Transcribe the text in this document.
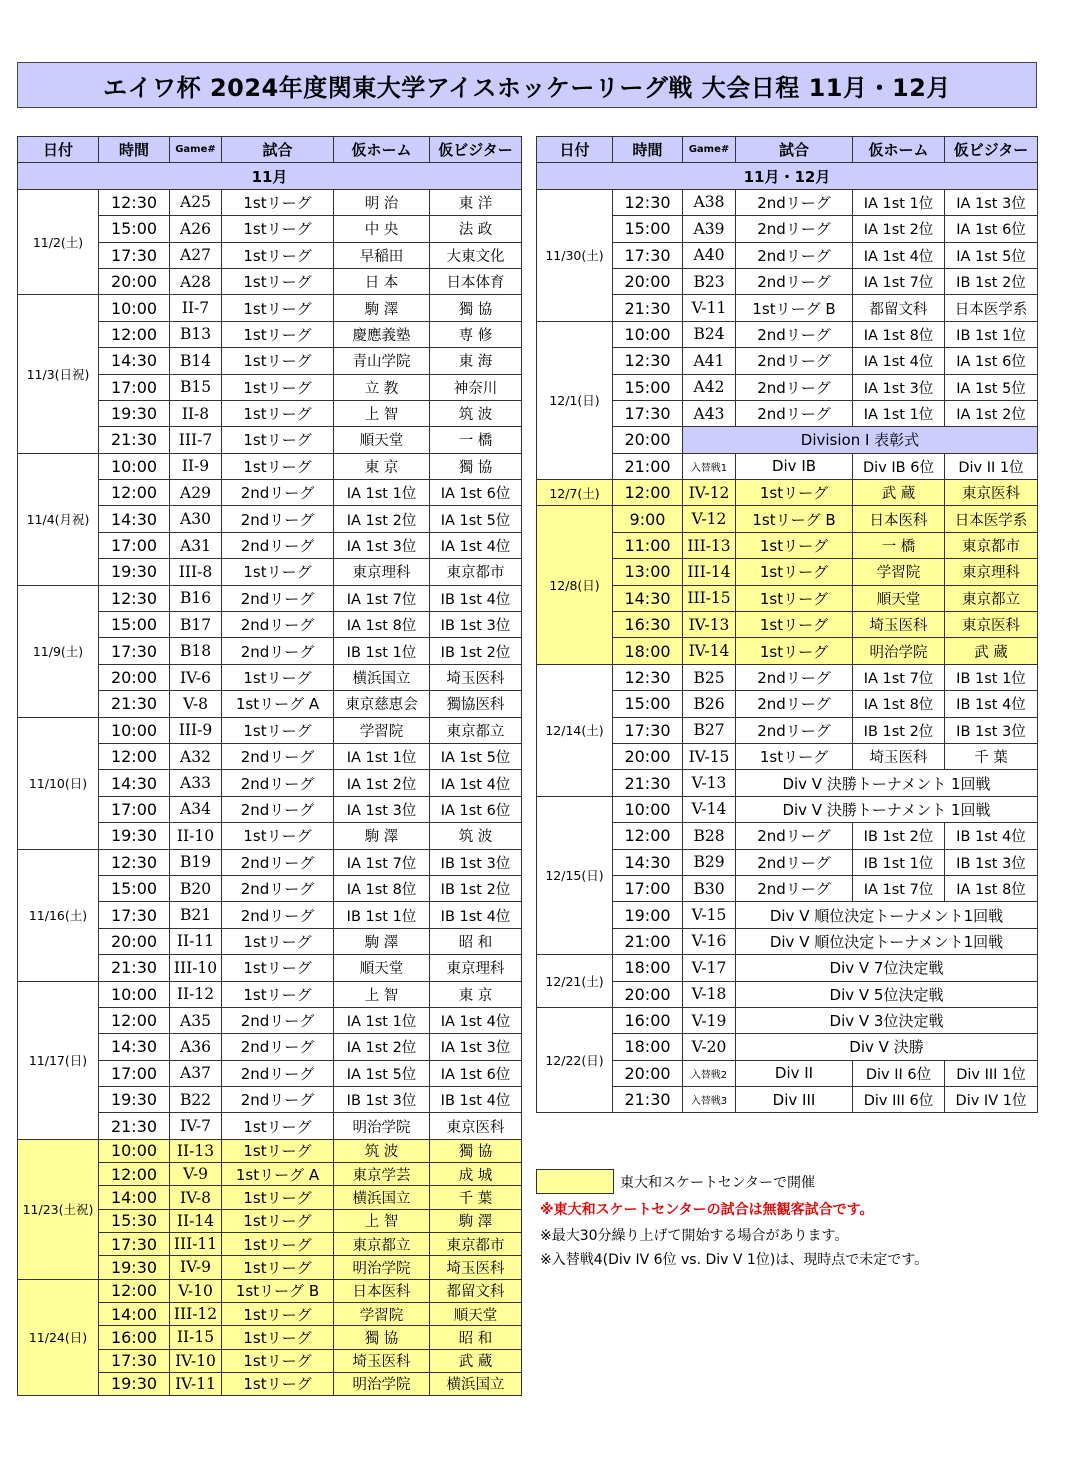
エイワ杯 2024年度関東大学アイスホッケーリーグ戦 大会日程 11月・12月
日付	時間	Game#	試合	仮ホーム	仮ビジター
11月					
11/2(土)	12:30	A25	1stリーグ	明 治	東 洋
	15:00	A26	1stリーグ	中 央	法 政
	17:30	A27	1stリーグ	早稲田	大東文化
	20:00	A28	1stリーグ	日 本	日本体育
11/3(日祝)	10:00	II-7	1stリーグ	駒 澤	獨 協
	12:00	B13	1stリーグ	慶應義塾	専 修
	14:30	B14	1stリーグ	青山学院	東 海
	17:00	B15	1stリーグ	立 教	神奈川
	19:30	II-8	1stリーグ	上 智	筑 波
	21:30	III-7	1stリーグ	順天堂	一 橋
11/4(月祝)	10:00	II-9	1stリーグ	東 京	獨 協
	12:00	A29	2ndリーグ	IA 1st 1位	IA 1st 6位
	14:30	A30	2ndリーグ	IA 1st 2位	IA 1st 5位
	17:00	A31	2ndリーグ	IA 1st 3位	IA 1st 4位
	19:30	III-8	1stリーグ	東京理科	東京都市
11/9(土)	12:30	B16	2ndリーグ	IA 1st 7位	IB 1st 4位
	15:00	B17	2ndリーグ	IA 1st 8位	IB 1st 3位
	17:30	B18	2ndリーグ	IB 1st 1位	IB 1st 2位
	20:00	IV-6	1stリーグ	横浜国立	埼玉医科
	21:30	V-8	1stリーグ A	東京慈恵会	獨協医科
11/10(日)	10:00	III-9	1stリーグ	学習院	東京都立
	12:00	A32	2ndリーグ	IA 1st 1位	IA 1st 5位
	14:30	A33	2ndリーグ	IA 1st 2位	IA 1st 4位
	17:00	A34	2ndリーグ	IA 1st 3位	IA 1st 6位
	19:30	II-10	1stリーグ	駒 澤	筑 波
11/16(土)	12:30	B19	2ndリーグ	IA 1st 7位	IB 1st 3位
	15:00	B20	2ndリーグ	IA 1st 8位	IB 1st 2位
	17:30	B21	2ndリーグ	IB 1st 1位	IB 1st 4位
	20:00	II-11	1stリーグ	駒 澤	昭 和
	21:30	III-10	1stリーグ	順天堂	東京理科
11/17(日)	10:00	II-12	1stリーグ	上 智	東 京
	12:00	A35	2ndリーグ	IA 1st 1位	IA 1st 4位
	14:30	A36	2ndリーグ	IA 1st 2位	IA 1st 3位
	17:00	A37	2ndリーグ	IA 1st 5位	IA 1st 6位
	19:30	B22	2ndリーグ	IB 1st 3位	IB 1st 4位
	21:30	IV-7	1stリーグ	明治学院	東京医科
11/23(土祝)	10:00	II-13	1stリーグ	筑 波	獨 協
	12:00	V-9	1stリーグ A	東京学芸	成 城
	14:00	IV-8	1stリーグ	横浜国立	千 葉
	15:30	II-14	1stリーグ	上 智	駒 澤
	17:30	III-11	1stリーグ	東京都立	東京都市
	19:30	IV-9	1stリーグ	明治学院	埼玉医科
11/24(日)	12:00	V-10	1stリーグ B	日本医科	都留文科
	14:00	III-12	1stリーグ	学習院	順天堂
	16:00	II-15	1stリーグ	獨 協	昭 和
	17:30	IV-10	1stリーグ	埼玉医科	武 蔵
	19:30	IV-11	1stリーグ	明治学院	横浜国立
日付	時間	Game#	試合	仮ホーム	仮ビジター
11月・12月					
11/30(土)	12:30	A38	2ndリーグ	IA 1st 1位	IA 1st 3位
	15:00	A39	2ndリーグ	IA 1st 2位	IA 1st 6位
	17:30	A40	2ndリーグ	IA 1st 4位	IA 1st 5位
	20:00	B23	2ndリーグ	IA 1st 7位	IB 1st 2位
	21:30	V-11	1stリーグ B	都留文科	日本医学系
12/1(日)	10:00	B24	2ndリーグ	IA 1st 8位	IB 1st 1位
	12:30	A41	2ndリーグ	IA 1st 4位	IA 1st 6位
	15:00	A42	2ndリーグ	IA 1st 3位	IA 1st 5位
	17:30	A43	2ndリーグ	IA 1st 1位	IA 1st 2位
	20:00	Division I 表彰式			
	21:00	入替戦1	Div IB	Div IB 6位	Div II 1位
12/7(土)	12:00	IV-12	1stリーグ	武 蔵	東京医科
12/8(日)	9:00	V-12	1stリーグ B	日本医科	日本医学系
	11:00	III-13	1stリーグ	一 橋	東京都市
	13:00	III-14	1stリーグ	学習院	東京理科
	14:30	III-15	1stリーグ	順天堂	東京都立
	16:30	IV-13	1stリーグ	埼玉医科	東京医科
	18:00	IV-14	1stリーグ	明治学院	武 蔵
12/14(土)	12:30	B25	2ndリーグ	IA 1st 7位	IB 1st 1位
	15:00	B26	2ndリーグ	IA 1st 8位	IB 1st 4位
	17:30	B27	2ndリーグ	IB 1st 2位	IB 1st 3位
	20:00	IV-15	1stリーグ	埼玉医科	千 葉
	21:30	V-13	Div V 決勝トーナメント 1回戦		
12/15(日)	10:00	V-14	Div V 決勝トーナメント 1回戦		
	12:00	B28	2ndリーグ	IB 1st 2位	IB 1st 4位
	14:30	B29	2ndリーグ	IB 1st 1位	IB 1st 3位
	17:00	B30	2ndリーグ	IA 1st 7位	IA 1st 8位
	19:00	V-15	Div V 順位決定トーナメント1回戦		
	21:00	V-16	Div V 順位決定トーナメント1回戦		
12/21(土)	18:00	V-17	Div V 7位決定戦		
	20:00	V-18	Div V 5位決定戦		
12/22(日)	16:00	V-19	Div V 3位決定戦		
	18:00	V-20	Div V 決勝		
	20:00	入替戦2	Div II	Div II 6位	Div III 1位
	21:30	入替戦3	Div III	Div III 6位	Div IV 1位
東大和スケートセンターで開催
※東大和スケートセンターの試合は無観客試合です。
※最大30分繰り上げて開始する場合があります。
※入替戦4(Div IV 6位 vs. Div V 1位)は、現時点で未定です。
